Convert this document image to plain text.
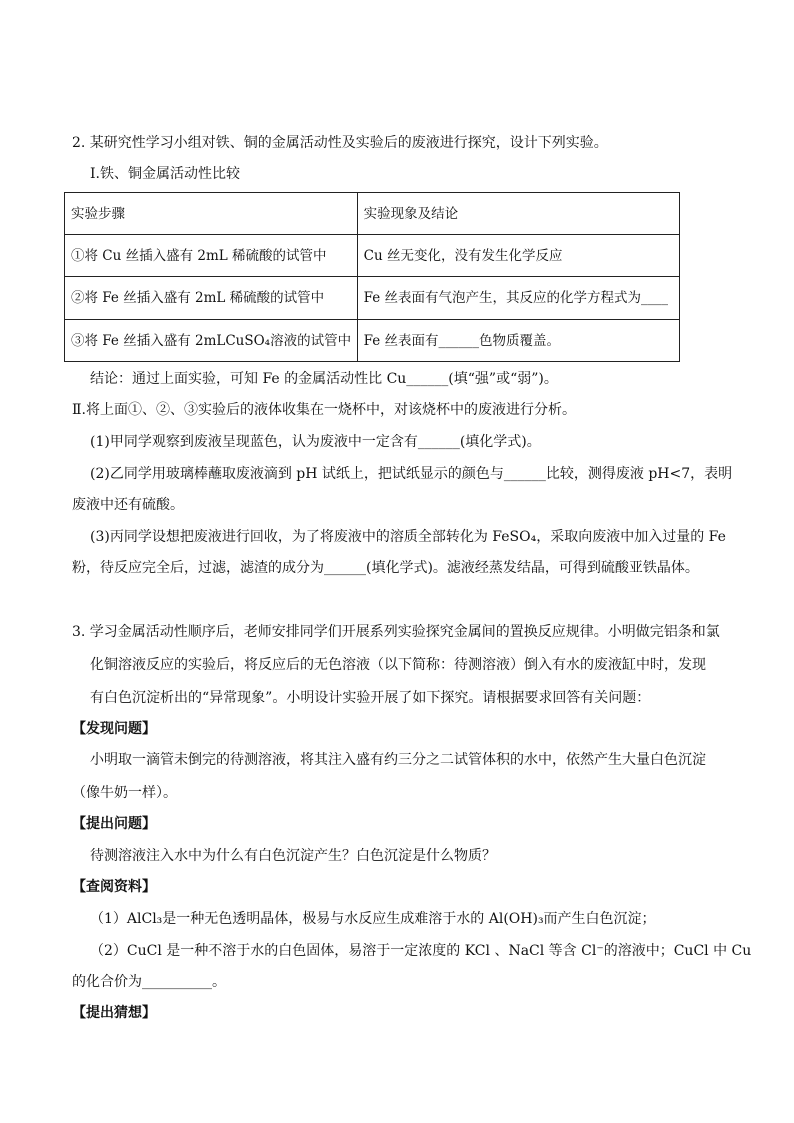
2. 某研究性学习小组对铁、铜的金属活动性及实验后的废液进行探究，设计下列实验。
Ⅰ.铁、铜金属活动性比较
实验步骤	实验现象及结论
①将 Cu 丝插入盛有 2mL 稀硫酸的试管中	Cu 丝无变化，没有发生化学反应
②将 Fe 丝插入盛有 2mL 稀硫酸的试管中	Fe 丝表面有气泡产生，其反应的化学方程式为____
③将 Fe 丝插入盛有 2mLCuSO₄溶液的试管中	Fe 丝表面有______色物质覆盖。
结论：通过上面实验，可知 Fe 的金属活动性比 Cu______(填“强”或“弱”)。
Ⅱ.将上面①、②、③实验后的液体收集在一烧杯中，对该烧杯中的废液进行分析。
(1)甲同学观察到废液呈现蓝色，认为废液中一定含有______(填化学式)。
(2)乙同学用玻璃棒蘸取废液滴到 pH 试纸上，把试纸显示的颜色与______比较，测得废液 pH<7，表明
废液中还有硫酸。
(3)丙同学设想把废液进行回收，为了将废液中的溶质全部转化为 FeSO₄，采取向废液中加入过量的 Fe
粉，待反应完全后，过滤，滤渣的成分为______(填化学式)。滤液经蒸发结晶，可得到硫酸亚铁晶体。
3. 学习金属活动性顺序后，老师安排同学们开展系列实验探究金属间的置换反应规律。小明做完铝条和氯
化铜溶液反应的实验后，将反应后的无色溶液（以下简称：待测溶液）倒入有水的废液缸中时，发现
有白色沉淀析出的“异常现象”。小明设计实验开展了如下探究。请根据要求回答有关问题：
【发现问题】
小明取一滴管未倒完的待测溶液，将其注入盛有约三分之二试管体积的水中，依然产生大量白色沉淀
（像牛奶一样）。
【提出问题】
待测溶液注入水中为什么有白色沉淀产生？白色沉淀是什么物质？
【查阅资料】
（1）AlCl₃是一种无色透明晶体，极易与水反应生成难溶于水的 Al(OH)₃而产生白色沉淀；
（2）CuCl 是一种不溶于水的白色固体，易溶于一定浓度的 KCl 、NaCl 等含 Cl⁻的溶液中；CuCl 中 Cu
的化合价为__________。
【提出猜想】
